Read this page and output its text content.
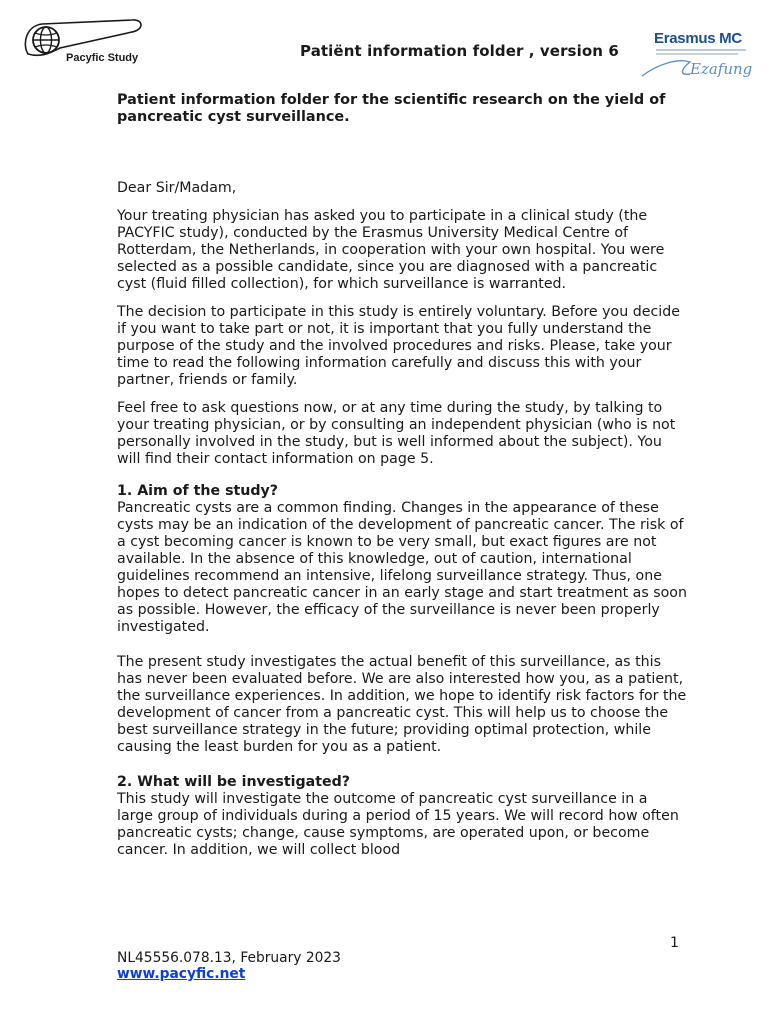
Pacyfic Study	Patiënt information folder , version 6
Erasmus MC
Ezafung

Patient information folder for the scientific research on the yield of pancreatic cyst surveillance.

Dear Sir/Madam,

Your treating physician has asked you to participate in a clinical study (the PACYFIC study), conducted by the Erasmus University Medical Centre of Rotterdam, the Netherlands, in cooperation with your own hospital. You were selected as a possible candidate, since you are diagnosed with a pancreatic cyst (fluid filled collection), for which surveillance is warranted.

The decision to participate in this study is entirely voluntary. Before you decide if you want to take part or not, it is important that you fully understand the purpose of the study and the involved procedures and risks. Please, take your time to read the following information carefully and discuss this with your partner, friends or family.

Feel free to ask questions now, or at any time during the study, by talking to your treating physician, or by consulting an independent physician (who is not personally involved in the study, but is well informed about the subject). You will find their contact information on page 5.

1. Aim of the study?

Pancreatic cysts are a common finding. Changes in the appearance of these cysts may be an indication of the development of pancreatic cancer. The risk of a cyst becoming cancer is known to be very small, but exact figures are not available. In the absence of this knowledge, out of caution, international guidelines recommend an intensive, lifelong surveillance strategy. Thus, one hopes to detect pancreatic cancer in an early stage and start treatment as soon as possible. However, the efficacy of the surveillance is never been properly investigated.

The present study investigates the actual benefit of this surveillance, as this has never been evaluated before. We are also interested how you, as a patient, the surveillance experiences. In addition, we hope to identify risk factors for the development of cancer from a pancreatic cyst. This will help us to choose the best surveillance strategy in the future; providing optimal protection, while causing the least burden for you as a patient.

2. What will be investigated?

This study will investigate the outcome of pancreatic cyst surveillance in a large group of individuals during a period of 15 years. We will record how often pancreatic cysts; change, cause symptoms, are operated upon, or become cancer. In addition, we will collect blood

1
NL45556.078.13, February 2023
www.pacyfic.net
